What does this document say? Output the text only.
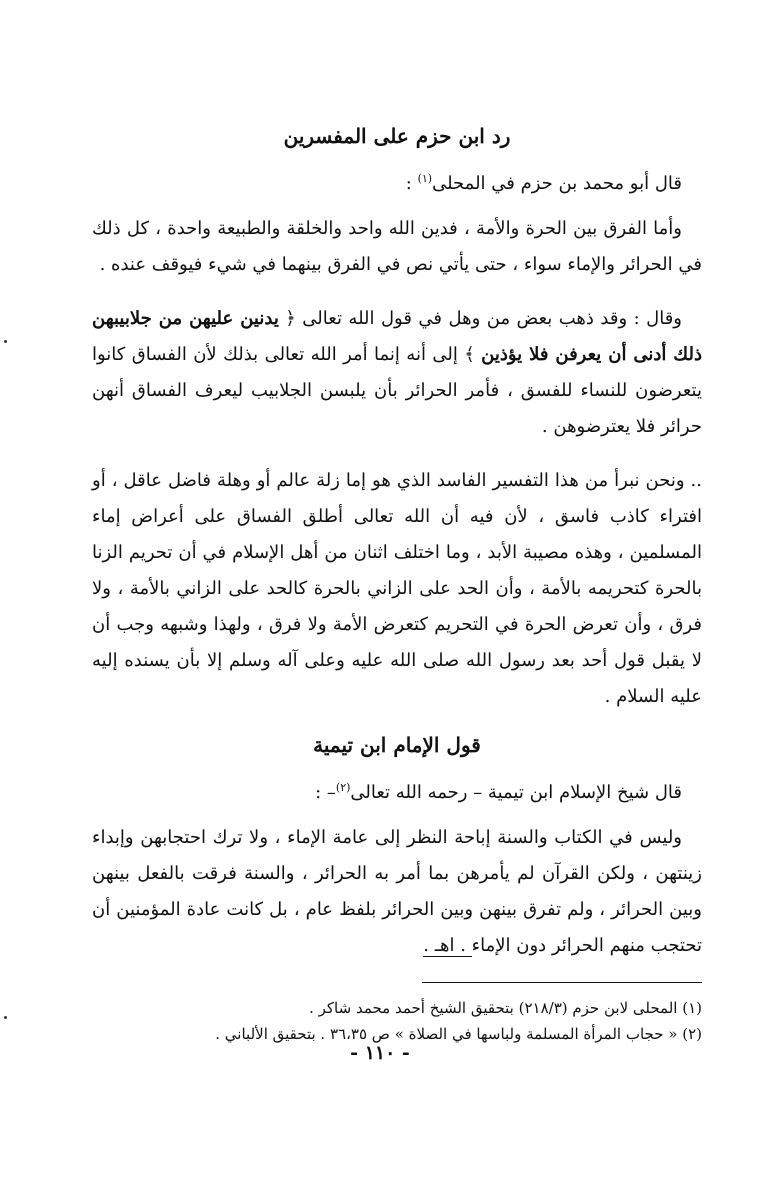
رد ابن حزم على المفسرين

قال أبو محمد بن حزم في المحلى$^{(١)}$ :

وأما الفرق بين الحرة والأمة ، فدين الله واحد والخلقة والطبيعة واحدة ، كل ذلك في الحرائر والإماء سواء ، حتى يأتي نص في الفرق بينهما في شيء فيوقف عنده .

وقال : وقد ذهب بعض من وهل في قول الله تعالى ﴿ يدنين عليهن من جلابيبهن ذلك أدنى أن يعرفن فلا يؤذين ﴾ إلى أنه إنما أمر الله تعالى بذلك لأن الفساق كانوا يتعرضون للنساء للفسق ، فأمر الحرائر بأن يلبسن الجلابيب ليعرف الفساق أنهن حرائر فلا يعترضوهن .

.. ونحن نبرأ من هذا التفسير الفاسد الذي هو إما زلة عالم أو وهلة فاضل عاقل ، أو افتراء كاذب فاسق ، لأن فيه أن الله تعالى أطلق الفساق على أعراض إماء المسلمين ، وهذه مصيبة الأبد ، وما اختلف اثنان من أهل الإسلام في أن تحريم الزنا بالحرة كتحريمه بالأمة ، وأن الحد على الزاني بالحرة كالحد على الزاني بالأمة ، ولا فرق ، وأن تعرض الحرة في التحريم كتعرض الأمة ولا فرق ، ولهذا وشبهه وجب أن لا يقبل قول أحد بعد رسول الله صلى الله عليه وعلى آله وسلم إلا بأن يسنده إليه عليه السلام .

قول الإمام ابن تيمية

قال شيخ الإسلام ابن تيمية – رحمه الله تعالى$^{(٢)}$– :

وليس في الكتاب والسنة إباحة النظر إلى عامة الإماء ، ولا ترك احتجابهن وإبداء زينتهن ، ولكن القرآن لم يأمرهن بما أمر به الحرائر ، والسنة فرقت بالفعل بينهن وبين الحرائر ، ولم تفرق بينهن وبين الحرائر بلفظ عام ، بل كانت عادة المؤمنين أن تحتجب منهم الحرائر دون الإماء . اهـ .

(١) المحلى لابن حزم (٢١٨/٣) بتحقيق الشيخ أحمد محمد شاكر .

(٢) « حجاب المرأة المسلمة ولباسها في الصلاة » ص ٣٦،٣٥ . بتحقيق الألباني .

- ١١٠ -
